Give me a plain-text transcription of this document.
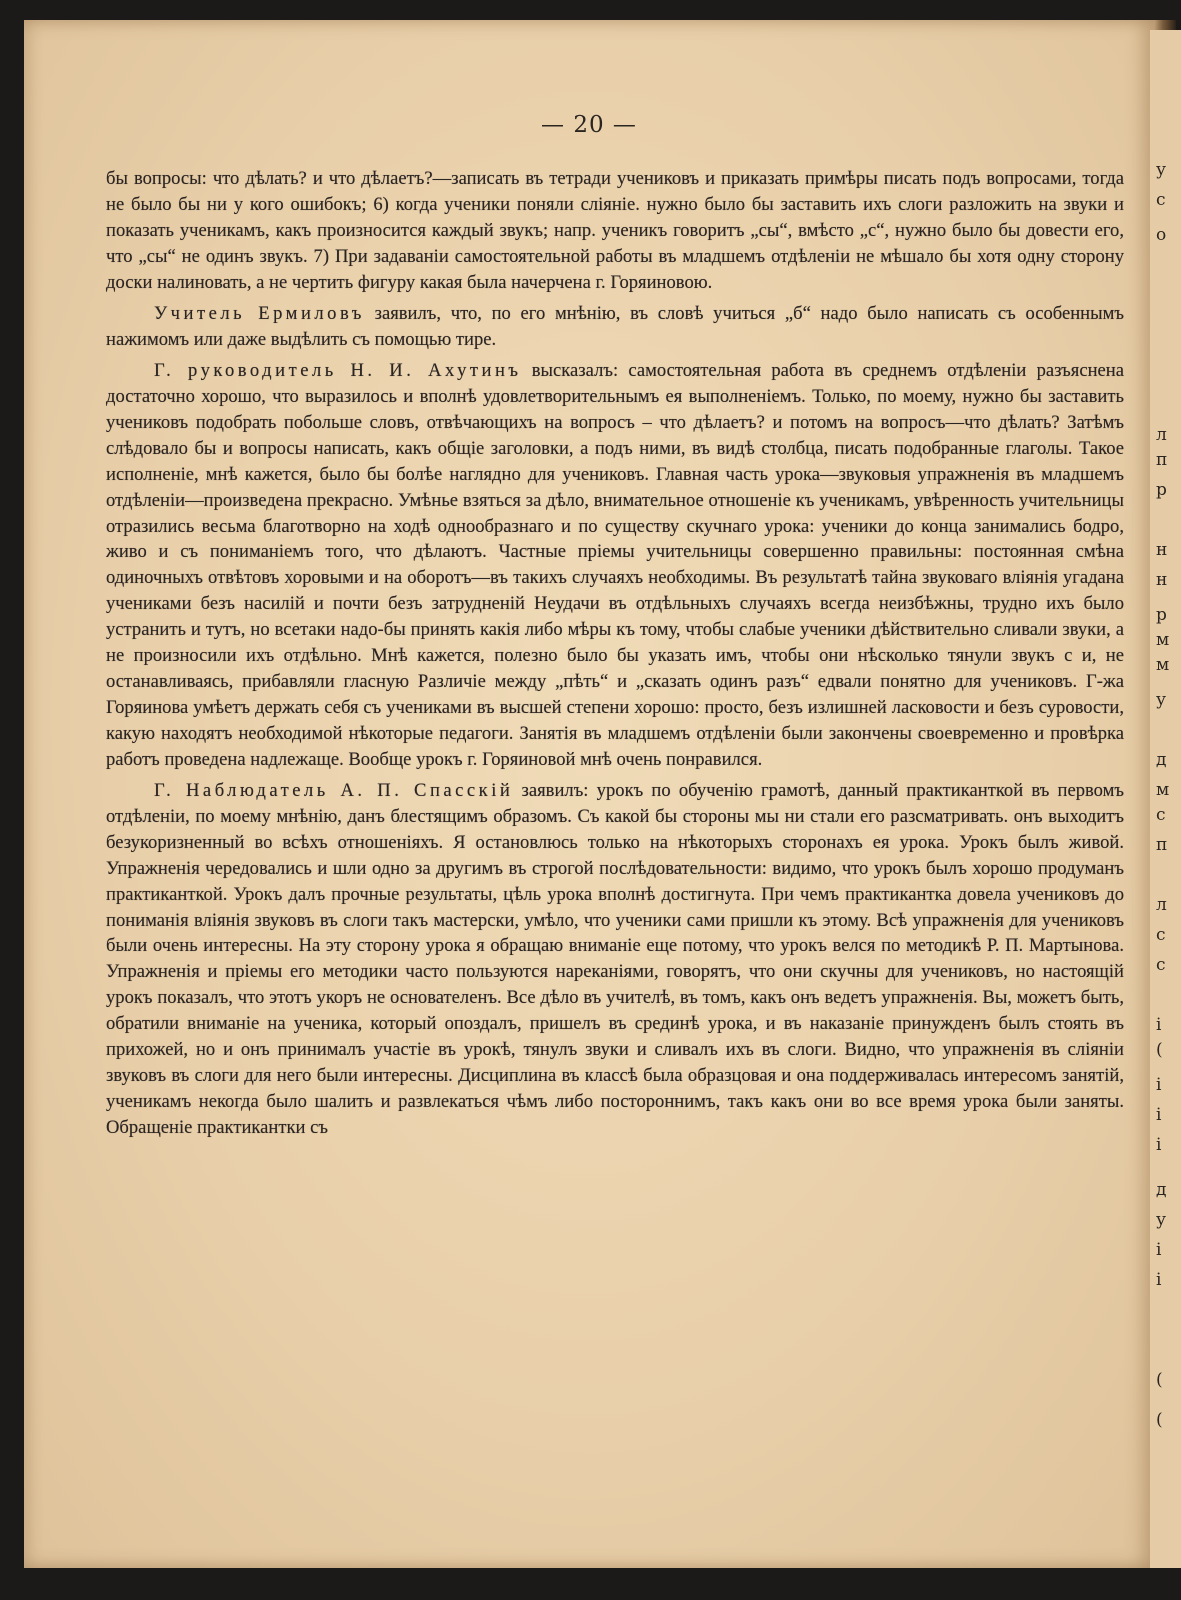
— 20 —

бы вопросы: что дѣлать? и что дѣлаетъ?—записать въ тетради учениковъ и приказать примѣры писать подъ вопросами, тогда не было бы ни у кого ошибокъ; 6) когда ученики поняли сліяніе. нужно было бы заставить ихъ слоги разложить на звуки и показать ученикамъ, какъ произносится каждый звукъ; напр. ученикъ говоритъ „сы“, вмѣсто „с“, нужно было бы довести его, что „сы“ не одинъ звукъ. 7) При задаваніи самостоятельной работы въ младшемъ отдѣленіи не мѣшало бы хотя одну сторону доски налиновать, а не чертить фигуру какая была начерчена г. Горяиновою.

Учитель Ермиловъ заявилъ, что, по его мнѣнію, въ словѣ учиться „б“ надо было написать съ особеннымъ нажимомъ или даже выдѣлить съ помощью тире.

Г. руководитель Н. И. Ахутинъ высказалъ: самостоятельная работа въ среднемъ отдѣленіи разъяснена достаточно хорошо, что выразилось и вполнѣ удовлетворительнымъ ея выполненіемъ. Только, по моему, нужно бы заставить учениковъ подобрать побольше словъ, отвѣчающихъ на вопросъ – что дѣлаетъ? и потомъ на вопросъ—что дѣлать? Затѣмъ слѣдовало бы и вопросы написать, какъ общіе заголовки, а подъ ними, въ видѣ столбца, писать подобранные глаголы. Такое исполненіе, мнѣ кажется, было бы болѣе наглядно для учениковъ. Главная часть урока—звуковыя упражненія въ младшемъ отдѣленіи—произведена прекрасно. Умѣнье взяться за дѣло, внимательное отношеніе къ ученикамъ, увѣренность учительницы отразились весьма благотворно на ходѣ однообразнаго и по существу скучнаго урока: ученики до конца занимались бодро, живо и съ пониманіемъ того, что дѣлаютъ. Частные пріемы учительницы совершенно правильны: постоянная смѣна одиночныхъ отвѣтовъ хоровыми и на оборотъ—въ такихъ случаяхъ необходимы. Въ результатѣ тайна звуковаго вліянія угадана учениками безъ насилій и почти безъ затрудненій Неудачи въ отдѣльныхъ случаяхъ всегда неизбѣжны, трудно ихъ было устранить и тутъ, но всетаки надо-бы принять какія либо мѣры къ тому, чтобы слабые ученики дѣйствительно сливали звуки, а не произносили ихъ отдѣльно. Мнѣ кажется, полезно было бы указать имъ, чтобы они нѣсколько тянули звукъ с и, не останавливаясь, прибавляли гласную Различіе между „пѣть“ и „сказать одинъ разъ“ едвали понятно для учениковъ. Г-жа Горяинова умѣетъ держать себя съ учениками въ высшей степени хорошо: просто, безъ излишней ласковости и безъ суровости, какую находятъ необходимой нѣкоторые педагоги. Занятія въ младшемъ отдѣленіи были закончены своевременно и провѣрка работъ проведена надлежаще. Вообще урокъ г. Горяиновой мнѣ очень понравился.

Г. Наблюдатель А. П. Спасскій заявилъ: урокъ по обученію грамотѣ, данный практиканткой въ первомъ отдѣленіи, по моему мнѣнію, данъ блестящимъ образомъ. Съ какой бы стороны мы ни стали его разсматривать. онъ выходитъ безукоризненный во всѣхъ отношеніяхъ. Я остановлюсь только на нѣкоторыхъ сторонахъ ея урока. Урокъ былъ живой. Упражненія чередовались и шли одно за другимъ въ строгой послѣдовательности: видимо, что урокъ былъ хорошо продуманъ практиканткой. Урокъ далъ прочные результаты, цѣль урока вполнѣ достигнута. При чемъ практикантка довела учениковъ до пониманія вліянія звуковъ въ слоги такъ мастерски, умѣло, что ученики сами пришли къ этому. Всѣ упражненія для учениковъ были очень интересны. На эту сторону урока я обращаю вниманіе еще потому, что урокъ велся по методикѣ Р. П. Мартынова. Упражненія и пріемы его методики часто пользуются нареканіями, говорятъ, что они скучны для учениковъ, но настоящій урокъ показалъ, что этотъ укоръ не основателенъ. Все дѣло въ учителѣ, въ томъ, какъ онъ ведетъ упражненія. Вы, можетъ быть, обратили вниманіе на ученика, который опоздалъ, пришелъ въ срединѣ урока, и въ наказаніе принужденъ былъ стоять въ прихожей, но и онъ принималъ участіе въ урокѣ, тянулъ звуки и сливалъ ихъ въ слоги. Видно, что упражненія въ сліяніи звуковъ въ слоги для него были интересны. Дисциплина въ классѣ была образцовая и она поддерживалась интересомъ занятій, ученикамъ некогда было шалить и развлекаться чѣмъ либо постороннимъ, такъ какъ они во все время урока были заняты. Обращеніе практикантки съ

у
с
о
л
п
р
н
н
р
м
м
у
д
м
с
п
л
с
с
і
(
і
і
і
д
у
і
і
(
(
